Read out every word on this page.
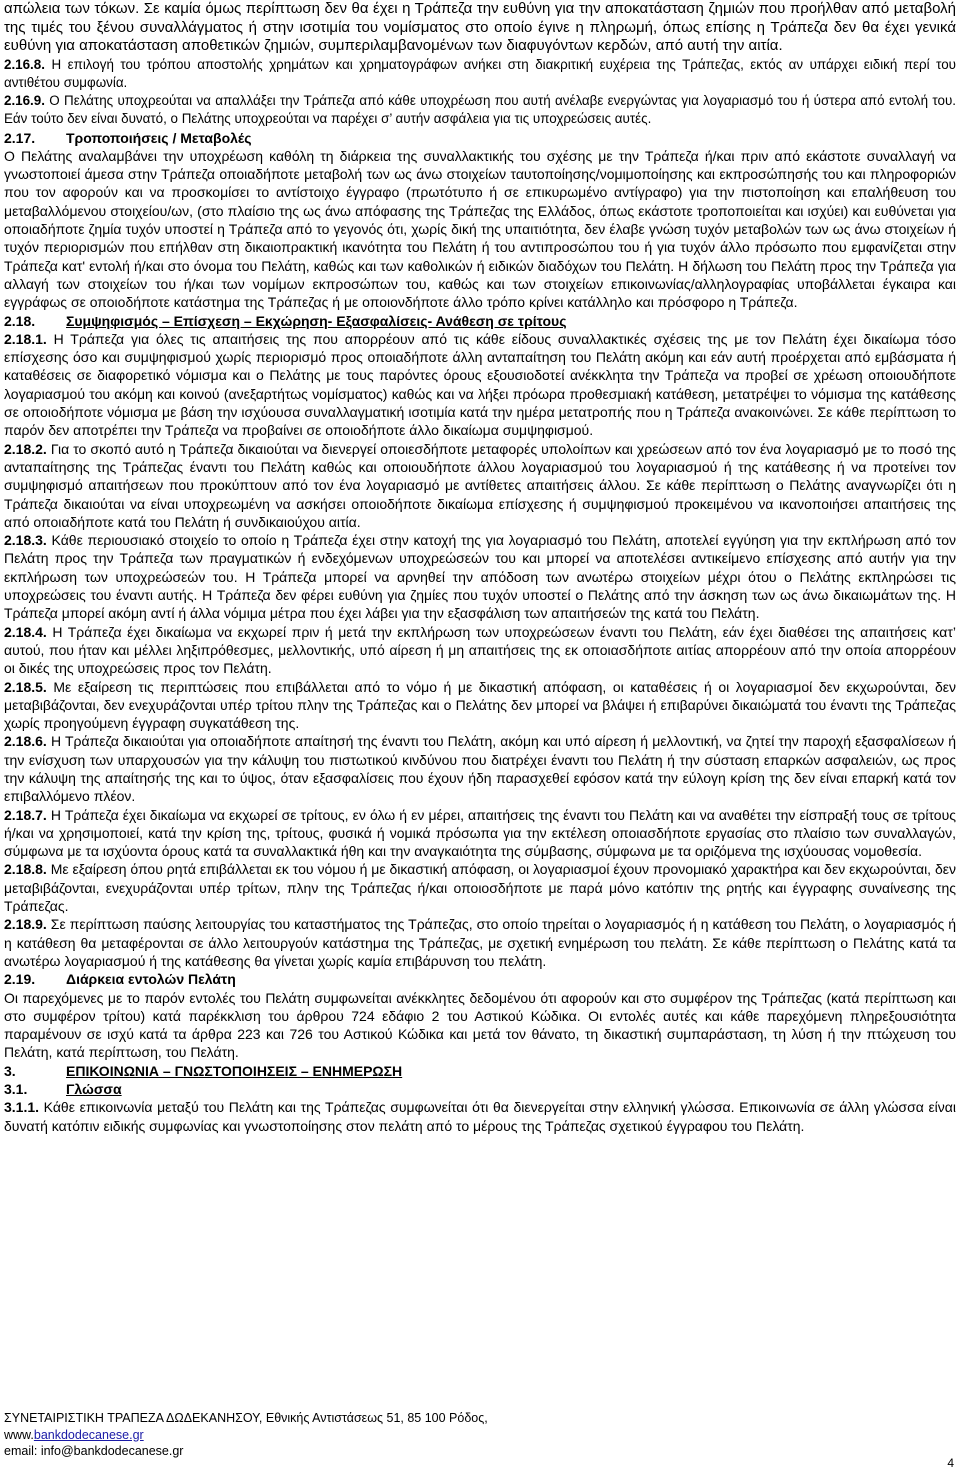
απώλεια των τόκων. Σε καμία όμως περίπτωση δεν θα έχει η Τράπεζα την ευθύνη για την αποκατάσταση ζημιών που προήλθαν από μεταβολή της τιμές του ξένου συναλλάγματος ή στην ισοτιμία του νομίσματος στο οποίο έγινε η πληρωμή, όπως επίσης η Τράπεζα δεν θα έχει γενικά ευθύνη για αποκατάσταση αποθετικών ζημιών, συμπεριλαμβανομένων των διαφυγόντων κερδών, από αυτή την αιτία.

2.16.8. Η επιλογή του τρόπου αποστολής χρημάτων και χρηματογράφων ανήκει στη διακριτική ευχέρεια της Τράπεζας, εκτός αν υπάρχει ειδική περί του αντιθέτου συμφωνία.

2.16.9. Ο Πελάτης υποχρεούται να απαλλάξει την Τράπεζα από κάθε υποχρέωση που αυτή ανέλαβε ενεργώντας για λογαριασμό του ή ύστερα από εντολή του. Εάν τούτο δεν είναι δυνατό, ο Πελάτης υποχρεούται να παρέχει σ’ αυτήν ασφάλεια για τις υποχρεώσεις αυτές.

2.17. Τροποποιήσεις / Μεταβολές

Ο Πελάτης αναλαμβάνει την υποχρέωση καθόλη τη διάρκεια της συναλλακτικής του σχέσης με την Τράπεζα ή/και πριν από εκάστοτε συναλλαγή να γνωστοποιεί άμεσα στην Τράπεζα οποιαδήποτε μεταβολή των ως άνω στοιχείων ταυτοποίησης/νομιμοποίησης και εκπροσώπησής του και πληροφοριών που τον αφορούν και να προσκομίσει το αντίστοιχο έγγραφο (πρωτότυπο ή σε επικυρωμένο αντίγραφο) για την πιστοποίηση και επαλήθευση του μεταβαλλόμενου στοιχείου/ων, (στο πλαίσιο της ως άνω απόφασης της Τράπεζας της Ελλάδος, όπως εκάστοτε τροποποιείται και ισχύει) και ευθύνεται για οποιαδήποτε ζημία τυχόν υποστεί η Τράπεζα από το γεγονός ότι, χωρίς δική της υπαιτιότητα, δεν έλαβε γνώση τυχόν μεταβολών των ως άνω στοιχείων ή τυχόν περιορισμών που επήλθαν στη δικαιοπρακτική ικανότητα του Πελάτη ή του αντιπροσώπου του ή για τυχόν άλλο πρόσωπο που εμφανίζεται στην Τράπεζα κατ' εντολή ή/και στο όνομα του Πελάτη, καθώς και των καθολικών ή ειδικών διαδόχων του Πελάτη. Η δήλωση του Πελάτη προς την Τράπεζα για αλλαγή των στοιχείων του ή/και των νομίμων εκπροσώπων του, καθώς και των στοιχείων επικοινωνίας/αλληλογραφίας υποβάλλεται έγκαιρα και εγγράφως σε οποιοδήποτε κατάστημα της Τράπεζας ή με οποιονδήποτε άλλο τρόπο κρίνει κατάλληλο και πρόσφορο η Τράπεζα.

2.18. Συμψηφισμός – Επίσχεση – Εκχώρηση- Εξασφαλίσεις- Ανάθεση σε τρίτους

2.18.1. Η Τράπεζα για όλες τις απαιτήσεις της που απορρέουν από τις κάθε είδους συναλλακτικές σχέσεις της με τον Πελάτη έχει δικαίωμα τόσο επίσχεσης όσο και συμψηφισμού χωρίς περιορισμό προς οποιαδήποτε άλλη ανταπαίτηση του Πελάτη ακόμη και εάν αυτή προέρχεται από εμβάσματα ή καταθέσεις σε διαφορετικό νόμισμα και ο Πελάτης με τους παρόντες όρους εξουσιοδοτεί ανέκκλητα την Τράπεζα να προβεί σε χρέωση οποιουδήποτε λογαριασμού του ακόμη και κοινού (ανεξαρτήτως νομίσματος) καθώς και να λήξει πρόωρα προθεσμιακή κατάθεση, μετατρέψει το νόμισμα της κατάθεσης σε οποιοδήποτε νόμισμα με βάση την ισχύουσα συναλλαγματική ισοτιμία κατά την ημέρα μετατροπής που η Τράπεζα ανακοινώνει. Σε κάθε περίπτωση το παρόν δεν αποτρέπει την Τράπεζα να προβαίνει σε οποιοδήποτε άλλο δικαίωμα συμψηφισμού.

2.18.2. Για το σκοπό αυτό η Τράπεζα δικαιούται να διενεργεί οποιεσδήποτε μεταφορές υπολοίπων και χρεώσεων από τον ένα λογαριασμό με το ποσό της ανταπαίτησης της Τράπεζας έναντι του Πελάτη καθώς και οποιουδήποτε άλλου λογαριασμού του λογαριασμού ή της κατάθεσης ή να προτείνει τον συμψηφισμό απαιτήσεων που προκύπτουν από τον ένα λογαριασμό με αντίθετες απαιτήσεις άλλου. Σε κάθε περίπτωση ο Πελάτης αναγνωρίζει ότι η Τράπεζα δικαιούται να είναι υποχρεωμένη να ασκήσει οποιοδήποτε δικαίωμα επίσχεσης ή συμψηφισμού προκειμένου να ικανοποιήσει απαιτήσεις της από οποιαδήποτε κατά του Πελάτη ή συνδικαιούχου αιτία.

2.18.3. Κάθε περιουσιακό στοιχείο το οποίο η Τράπεζα έχει στην κατοχή της για λογαριασμό του Πελάτη, αποτελεί εγγύηση για την εκπλήρωση από τον Πελάτη προς την Τράπεζα των πραγματικών ή ενδεχόμενων υποχρεώσεών του και μπορεί να αποτελέσει αντικείμενο επίσχεσης από αυτήν για την εκπλήρωση των υποχρεώσεών του. Η Τράπεζα μπορεί να αρνηθεί την απόδοση των ανωτέρω στοιχείων μέχρι ότου ο Πελάτης εκπληρώσει τις υποχρεώσεις του έναντι αυτής. Η Τράπεζα δεν φέρει ευθύνη για ζημίες που τυχόν υποστεί ο Πελάτης από την άσκηση των ως άνω δικαιωμάτων της. Η Τράπεζα μπορεί ακόμη αντί ή άλλα νόμιμα μέτρα που έχει λάβει για την εξασφάλιση των απαιτήσεών της κατά του Πελάτη.

2.18.4. Η Τράπεζα έχει δικαίωμα να εκχωρεί πριν ή μετά την εκπλήρωση των υποχρεώσεων έναντι του Πελάτη, εάν έχει διαθέσει της απαιτήσεις κατ’ αυτού, που ήταν και μέλλει ληξιπρόθεσμες, μελλοντικής, υπό αίρεση ή μη απαιτήσεις της εκ οποιασδήποτε αιτίας απορρέουν από την οποία απορρέουν οι δικές της υποχρεώσεις προς τον Πελάτη.

2.18.5. Με εξαίρεση τις περιπτώσεις που επιβάλλεται από το νόμο ή με δικαστική απόφαση, οι καταθέσεις ή οι λογαριασμοί δεν εκχωρούνται, δεν μεταβιβάζονται, δεν ενεχυράζονται υπέρ τρίτου πλην της Τράπεζας και ο Πελάτης δεν μπορεί να βλάψει ή επιβαρύνει δικαιώματά του έναντι της Τράπεζας χωρίς προηγούμενη έγγραφη συγκατάθεση της.

2.18.6. Η Τράπεζα δικαιούται για οποιαδήποτε απαίτησή της έναντι του Πελάτη, ακόμη και υπό αίρεση ή μελλοντική, να ζητεί την παροχή εξασφαλίσεων ή την ενίσχυση των υπαρχουσών για την κάλυψη του πιστωτικού κινδύνου που διατρέχει έναντι του Πελάτη ή την σύσταση επαρκών ασφαλειών, ως προς την κάλυψη της απαίτησής της και το ύψος, όταν εξασφαλίσεις που έχουν ήδη παρασχεθεί εφόσον κατά την εύλογη κρίση της δεν είναι επαρκή κατά τον επιβαλλόμενο πλέον.

2.18.7. Η Τράπεζα έχει δικαίωμα να εκχωρεί σε τρίτους, εν όλω ή εν μέρει, απαιτήσεις της έναντι του Πελάτη και να αναθέτει την είσπραξή τους σε τρίτους ή/και να χρησιμοποιεί, κατά την κρίση της, τρίτους, φυσικά ή νομικά πρόσωπα για την εκτέλεση οποιασδήποτε εργασίας στο πλαίσιο των συναλλαγών, σύμφωνα με τα ισχύοντα όρους κατά τα συναλλακτικά ήθη και την αναγκαιότητα της σύμβασης, σύμφωνα με τα οριζόμενα της ισχύουσας νομοθεσία.

2.18.8. Με εξαίρεση όπου ρητά επιβάλλεται εκ του νόμου ή με δικαστική απόφαση, οι λογαριασμοί έχουν προνομιακό χαρακτήρα και δεν εκχωρούνται, δεν μεταβιβάζονται, ενεχυράζονται υπέρ τρίτων, πλην της Τράπεζας ή/και οποιοσδήποτε με παρά μόνο κατόπιν της ρητής και έγγραφης συναίνεσης της Τράπεζας.

2.18.9. Σε περίπτωση παύσης λειτουργίας του καταστήματος της Τράπεζας, στο οποίο τηρείται ο λογαριασμός ή η κατάθεση του Πελάτη, ο λογαριασμός ή η κατάθεση θα μεταφέρονται σε άλλο λειτουργούν κατάστημα της Τράπεζας, με σχετική ενημέρωση του πελάτη. Σε κάθε περίπτωση ο Πελάτης κατά τα ανωτέρω λογαριασμού ή της κατάθεσης θα γίνεται χωρίς καμία επιβάρυνση του πελάτη.

2.19. Διάρκεια εντολών Πελάτη

Οι παρεχόμενες με το παρόν εντολές του Πελάτη συμφωνείται ανέκκλητες δεδομένου ότι αφορούν και στο συμφέρον της Τράπεζας (κατά περίπτωση και στο συμφέρον τρίτου) κατά παρέκκλιση του άρθρου 724 εδάφιο 2 του Αστικού Κώδικα. Οι εντολές αυτές και κάθε παρεχόμενη πληρεξουσιότητα παραμένουν σε ισχύ κατά τα άρθρα 223 και 726 του Αστικού Κώδικα και μετά τον θάνατο, τη δικαστική συμπαράσταση, τη λύση ή την πτώχευση του Πελάτη, κατά περίπτωση, του Πελάτη.

3.	ΕΠΙΚΟΙΝΩΝΙΑ – ΓΝΩΣΤΟΠΟΙΗΣΕΙΣ – ΕΝΗΜΕΡΩΣΗ

3.1.	Γλώσσα

3.1.1. Κάθε επικοινωνία μεταξύ του Πελάτη και της Τράπεζας συμφωνείται ότι θα διενεργείται στην ελληνική γλώσσα. Επικοινωνία σε άλλη γλώσσα είναι δυνατή κατόπιν ειδικής συμφωνίας και γνωστοποίησης στον πελάτη από το μέρους της Τράπεζας σχετικού έγγραφου του Πελάτη.

ΣΥΝΕΤΑΙΡΙΣΤΙΚΗ ΤΡΑΠΕΖΑ ΔΩΔΕΚΑΝΗΣΟΥ, Εθνικής Αντιστάσεως 51, 85 100 Ρόδος,
www.bankdodecanese.gr
email: info@bankdodecanese.gr
4
